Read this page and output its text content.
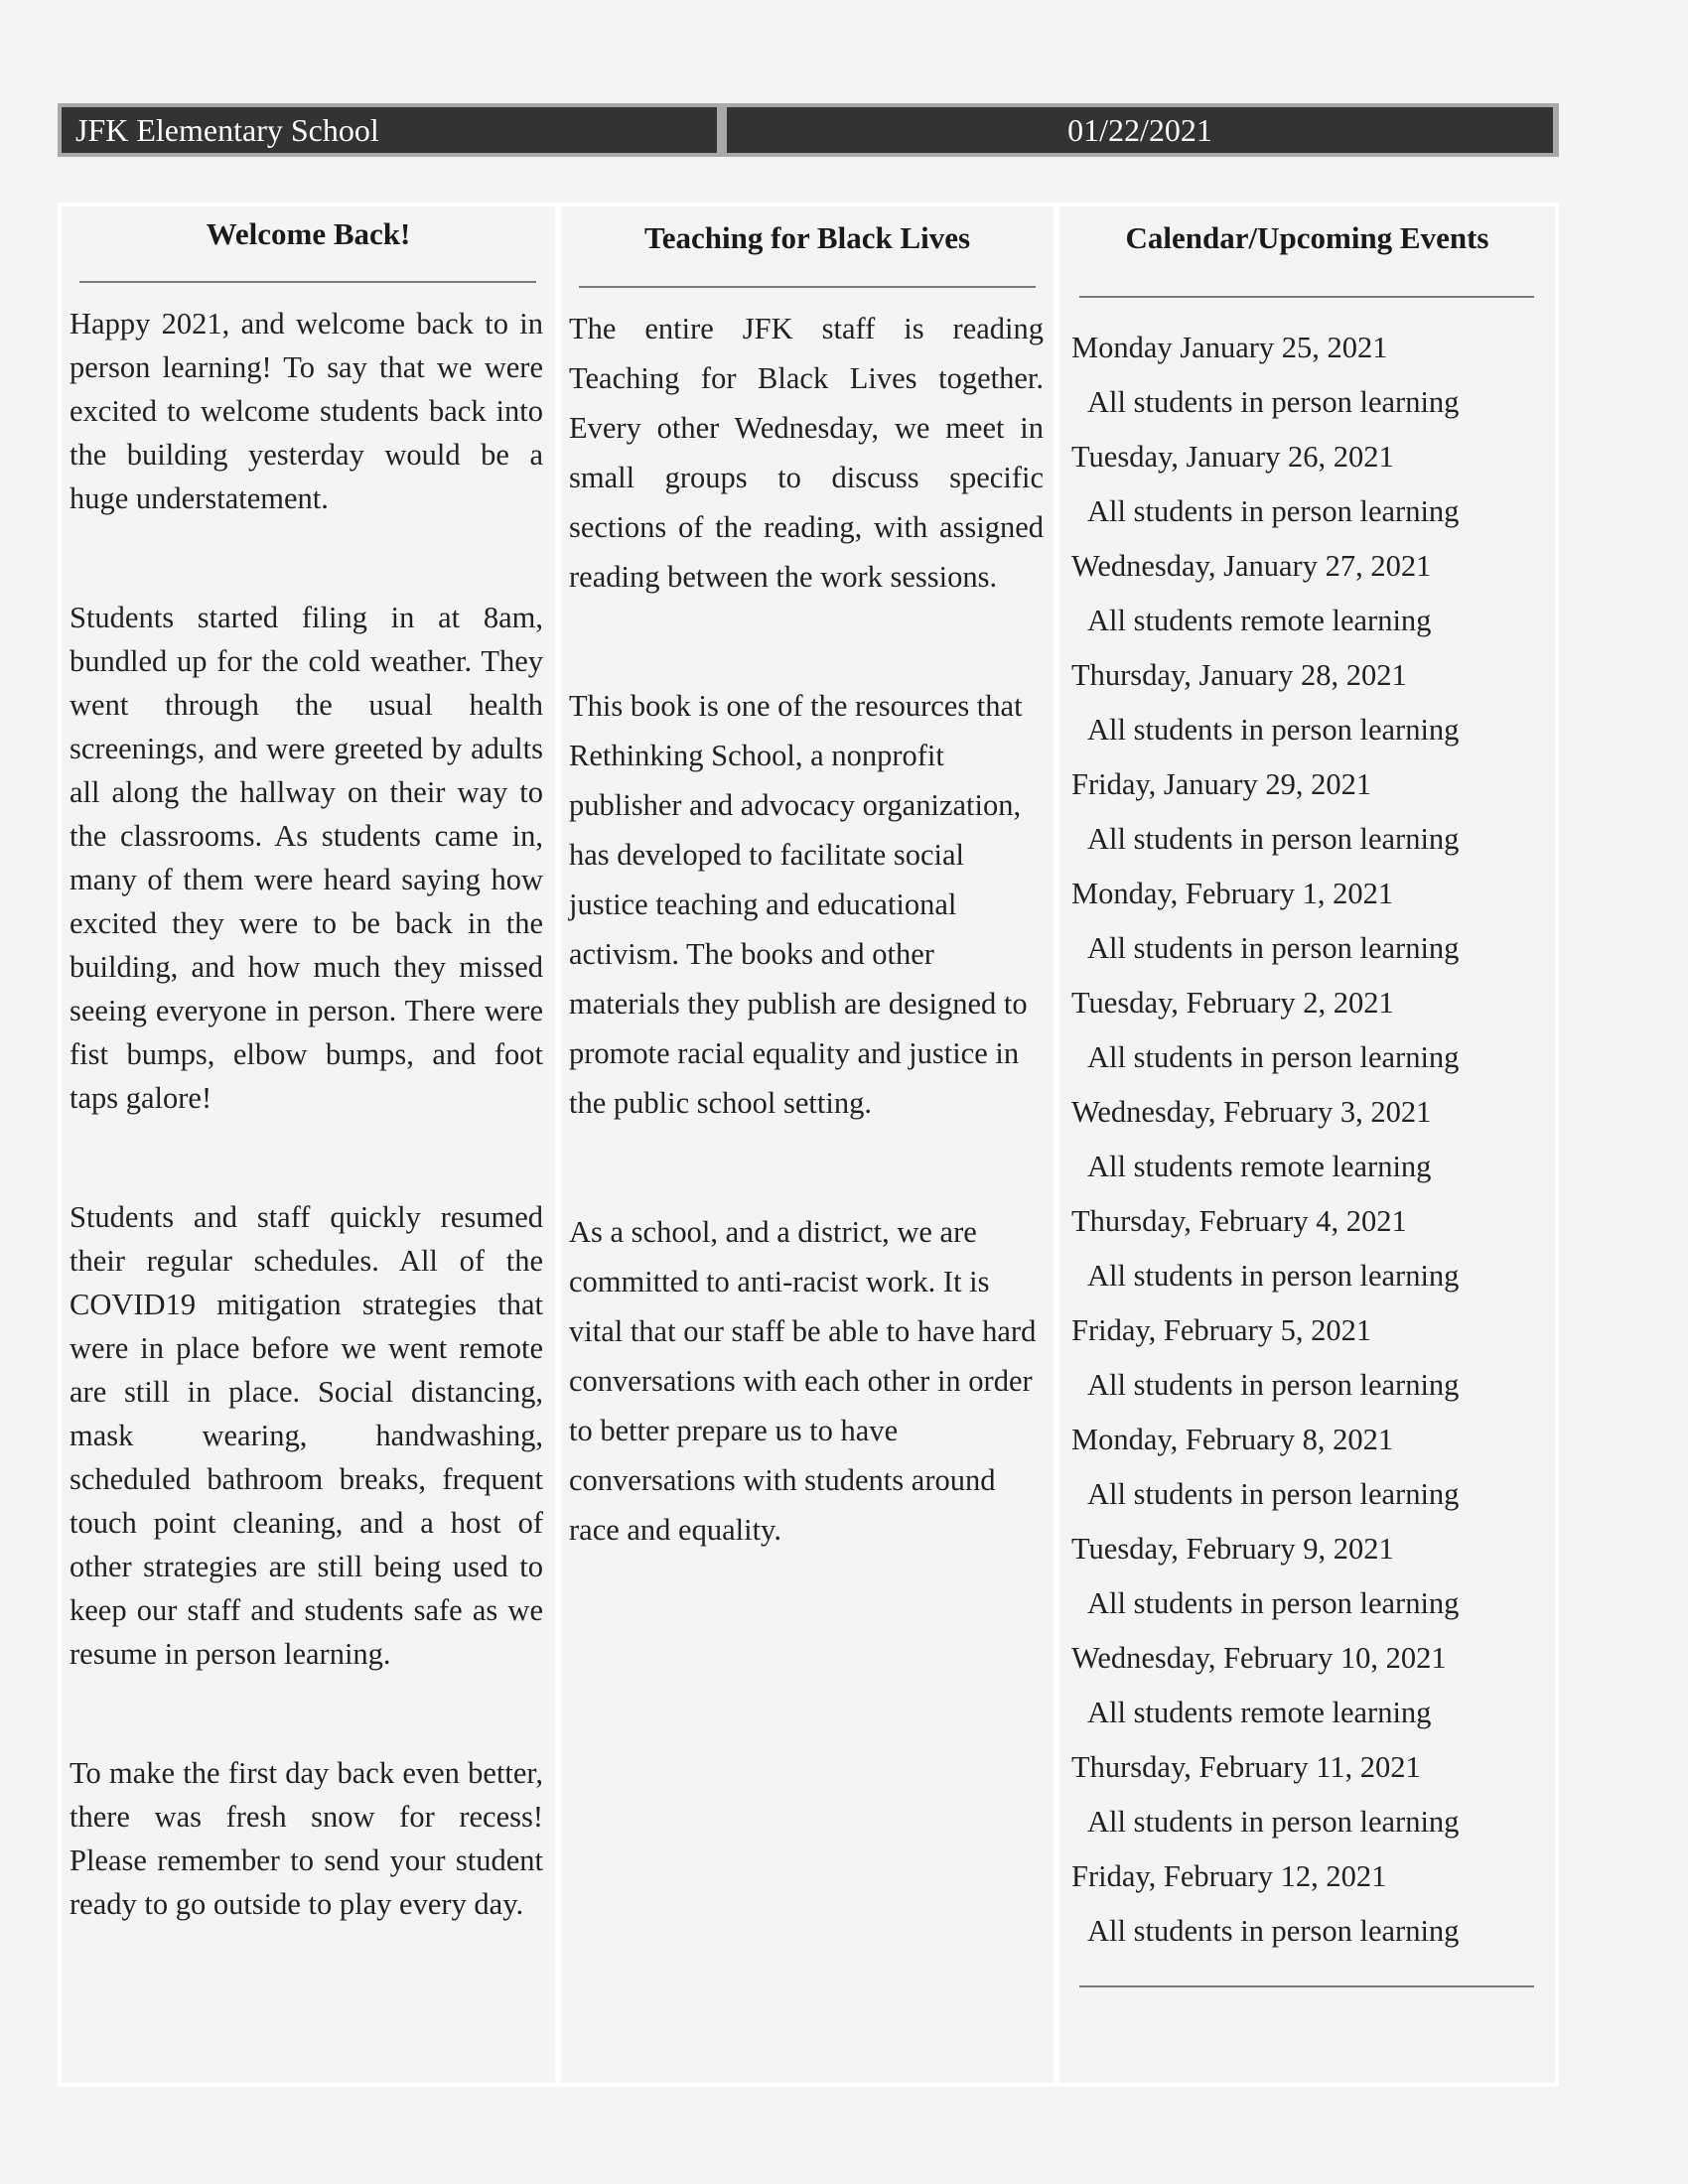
JFK Elementary School	01/22/2021
Welcome Back!

Happy 2021, and welcome back to in person learning! To say that we were excited to welcome students back into the building yesterday would be a huge understatement.

Students started filing in at 8am, bundled up for the cold weather. They went through the usual health screenings, and were greeted by adults all along the hallway on their way to the classrooms. As students came in, many of them were heard saying how excited they were to be back in the building, and how much they missed seeing everyone in person. There were fist bumps, elbow bumps, and foot taps galore!

Students and staff quickly resumed their regular schedules. All of the COVID19 mitigation strategies that were in place before we went remote are still in place. Social distancing, mask wearing, handwashing, scheduled bathroom breaks, frequent touch point cleaning, and a host of other strategies are still being used to keep our staff and students safe as we resume in person learning.

To make the first day back even better, there was fresh snow for recess! Please remember to send your student ready to go outside to play every day.

Teaching for Black Lives

The entire JFK staff is reading Teaching for Black Lives together. Every other Wednesday, we meet in small groups to discuss specific sections of the reading, with assigned reading between the work sessions.

This book is one of the resources that Rethinking School, a nonprofit publisher and advocacy organization, has developed to facilitate social justice teaching and educational activism. The books and other materials they publish are designed to promote racial equality and justice in the public school setting.

As a school, and a district, we are committed to anti-racist work. It is vital that our staff be able to have hard conversations with each other in order to better prepare us to have conversations with students around race and equality.

Calendar/Upcoming Events
Monday January 25, 2021
All students in person learning
Tuesday, January 26, 2021
All students in person learning
Wednesday, January 27, 2021
All students remote learning
Thursday, January 28, 2021
All students in person learning
Friday, January 29, 2021
All students in person learning
Monday, February 1, 2021
All students in person learning
Tuesday, February 2, 2021
All students in person learning
Wednesday, February 3, 2021
All students remote learning
Thursday, February 4, 2021
All students in person learning
Friday, February 5, 2021
All students in person learning
Monday, February 8, 2021
All students in person learning
Tuesday, February 9, 2021
All students in person learning
Wednesday, February 10, 2021
All students remote learning
Thursday, February 11, 2021
All students in person learning
Friday, February 12, 2021
All students in person learning
